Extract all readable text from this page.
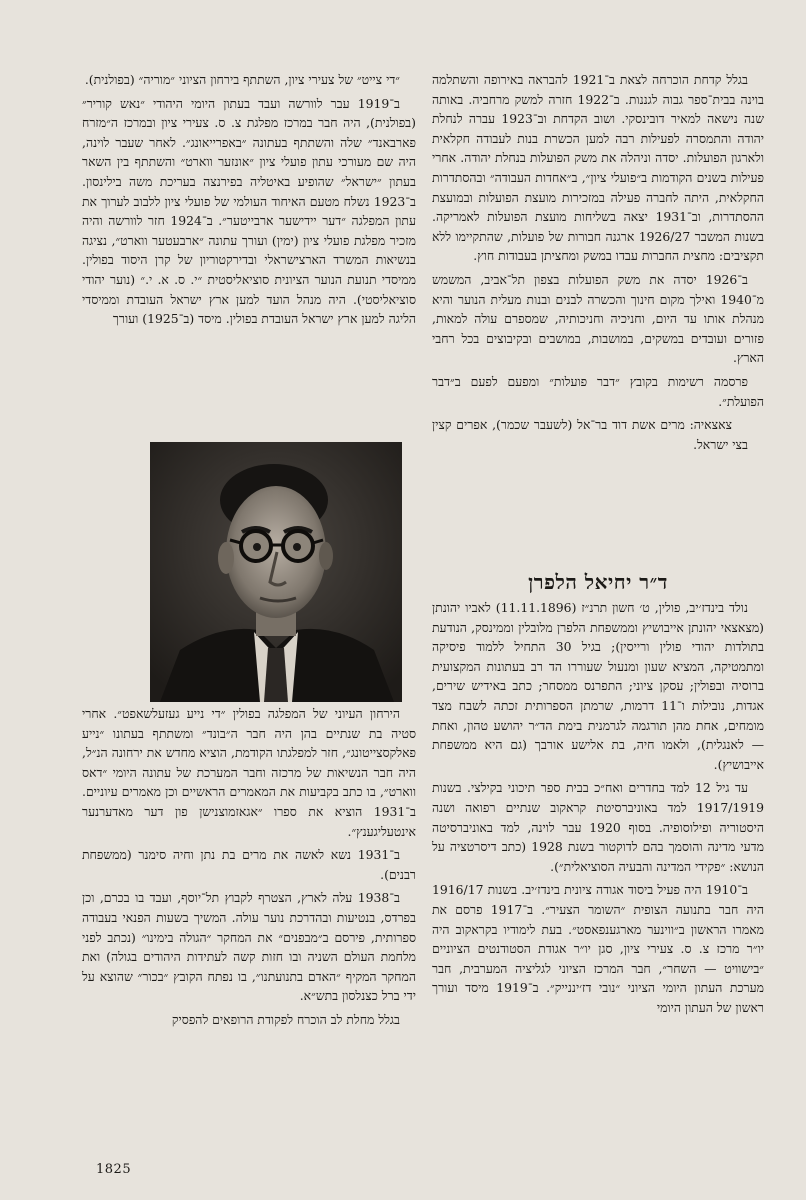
בגלל קדחת הוכרחה לצאת ב־1921 להבראה באירופה והשתלמה בוינה בבית־ספר גבוה לגננות. ב־1922 חזרה למשק מרחביה. באותה שנה נישאה למאיר דובינסקי. ושוב הקדחת וב־1923 עברה לנחלת יהודה והתמסרה לפעילות רבה למען הכשרת בנות לעבודה חקלאית ולארגון הפועלות. יסדה וניהלה את משק הפועלות בנחלת יהודה. אחרי פעילות בשנים הקודמות ב״פועלי ציון״, ב״אחדות העבודה״ ובהסתדרות החקלאית, היתה לחברה פעילה במזכירות מועצת הפועלות ובמועצת ההסתדרות, וב־1931 יצאה בשליחות מועצת הפועלות לאמריקה. בשנות המשבר 1926/27 ארגנה חבורות של פועלות, שהתקיימו ללא תקציבים: מחצית החברות עבדו במשק ומחציתן בעבודות חוץ.

ב־1926 יסדה את משק הפועלות בצפון תל־אביב, המשמש מ־1940 ואילך מקום חינוך והכשרה לבנים ובנות מעלית הנוער והיא מנהלת אותו עד היום, וחניכיה וחניכותיה, שמספרם עולה למאות, פזורים ועובדים במשקים, במושבות, במושבים ובקיבוצים בכל רחבי הארץ.

פרסמה רשימות בקובץ ״דבר פועלות״ ומפעם לפעם ב״דבר הפועלת״.

צאצאיה: מרים אשת דוד בר־אל (לשעבר שכמר), אפרים קצין בצי ישראל.

ד״ר יחיאל הלפרן

נולד בינדז׳יב, פולין, ט׳ חשון תרנ״ז (11.11.1896) לאביו יהונתן (מצאצאי יהונתן אייבושיץ וממשפחת הלפרן מלובלין וממינסק, הנודעת בתולדות יהודי פולין ורייסין); בגיל 30 התחיל ללמוד פיסיקה ומתמטיקה, המציא שעון ומנעול שעוררו הד רב בעתונות המקצועית ברוסיה ובפולין; עסקן ציוני; התפרנס ממסחר; כתב באידיש שירים, אגדות, נובילות ו־11 דרמות, שרמתן הספרותית זכתה לשבח מצד מומחים, אחת מהן תורגמה לגרמנית בימת הד״ר יהושע טהון, ואחת — לאנגלית), ולאמו חיה, בת אלישע אורבך (גם היא ממשפחת אייבושיץ).

עד גיל 12 למד בחדרים ואח״כ בבית ספר תיכוני בקילצי. בשנות 1917/1919 למד באוניברסיטת קראקוב שנתיים רפואה ושנה היסטוריה ופילוסופיה. בסוף 1920 עבר לוינה, למד באוניברסיטה מדעי מדינה והוסמך בהם לדוקטור בשנת 1928 (כתב דיסרטציה על הנושא: ״פקידי המדינה והבעיה הסוציאלית״).

ב־1910 היה פעיל ביסוד אגודה ציונית בינדז׳יב. בשנות 1916/17 היה חבר בתנועה הצופית ״השומר הצעיר״. ב־1917 פרסם את מאמרו הראשון ב״ווינער מארגענפאסט״. בעת לימודיו בקראקוב היה יו״ר מרכז צ. ס. צעירי ציון, סגן יו״ר אגודת הסטודנטים הציוניים ״בישוויט — השחר״, חבר המרכז הציוני לגליציה המערבית, חבר מערכת העתון היומי הציוני ״נובי דז׳יננייק״. ב־1919 מיסד ועורך ראשון של העתון היומי

״די צייט״ של צעירי ציון, השתתף בירחון הציוני ״מוריה״ (בפולנית).

ב־1919 עבר לוורשה ועבד בעתון היומי היהודי ״נאש קוריר״ (בפולנית), היה חבר במרכז מפלגת צ. ס. צעירי ציון ובמרכז ה״מזרח פארבאנד״ שלה והשתתף בעתונה ״באפרייאונג״. לאחר שעבר לוינה, היה שם מעורכי עתון פועלי ציון ״אונזער ווארט״ והשתתף בין השאר בעתון ״ישראל״ שהופיע באיטליה בפירנצה בעריכת משה בילינסון. ב־1923 נשלח מטעם האיחוד העולמי של פועלי ציון ללבוב לערוך את עתון המפלגה ״דער יידישער ארבייטער״. ב־1924 חזר לוורשה והיה מזכיר מפלגת פועלי ציון (ימין) ועורך עתונה ״ארבעטער ווארט״, נציגה בנשיאות המשרד הארצישראלי ובדירקטוריון של קרן היסוד בפולין. ממיסדי תנועת הנוער הציונית סוציאליסטית ״י. ס. א. י.״ (נוער יהודי סוציאליסטי). היה מנהל הועד למען ארץ ישראל העובדת וממיסדי הליגה למען ארץ ישראל העובדת בפולין. מיסד (ב־1925) ועורך

הירחון העיוני של המפלגה בפולין ״די נייע געזעלשאפט״. אחרי סטיה בת שנתיים בהן היה חבר ה״בונד״ ומשתתף בעתונו ״נייע פאלקסצייטונג״, חזר למפלגתו הקודמת, הוציא מחדש את ירחונה הנ״ל, היה חבר הנשיאות של מרכזה וחבר המערכת של עתונה היומי ״דאס ווארט״, בו כתב בקביעות את המאמרים הראשיים וכן מאמרים עיוניים. ב־1931 הוציא את ספרו ״אגאזמוצנישן פון דער מאדערנער אינטעליגענץ״.

ב־1931 נשא לאשה את מרים בת נתן וחיה סימנר (ממשפחת רבנים).

ב־1938 עלה לארץ, הצטרף לקבוץ תל־יוסף, ועבד בו בכרם, וכן בפרדס, בנטיעות ובהדרכת נוער עולה. המשיך בשעות הפנאי בעבודה ספרותית, פירסם ב״מבפנים״ את המחקר ״הגולה בימינו״ (נכתב לפני מלחמת העולם השניה ובו חזות קשה לעתידות היהודים בגולה) ואת המחקר המקיף ״האדם בתנועתנו״, בו נפתח הקובץ ״בכור״ שהוצא על ידי ברל כצנלסון בתש״א.

בגלל מחלת לב הוכרח לפקודת הרופאים להפסיק

1825
